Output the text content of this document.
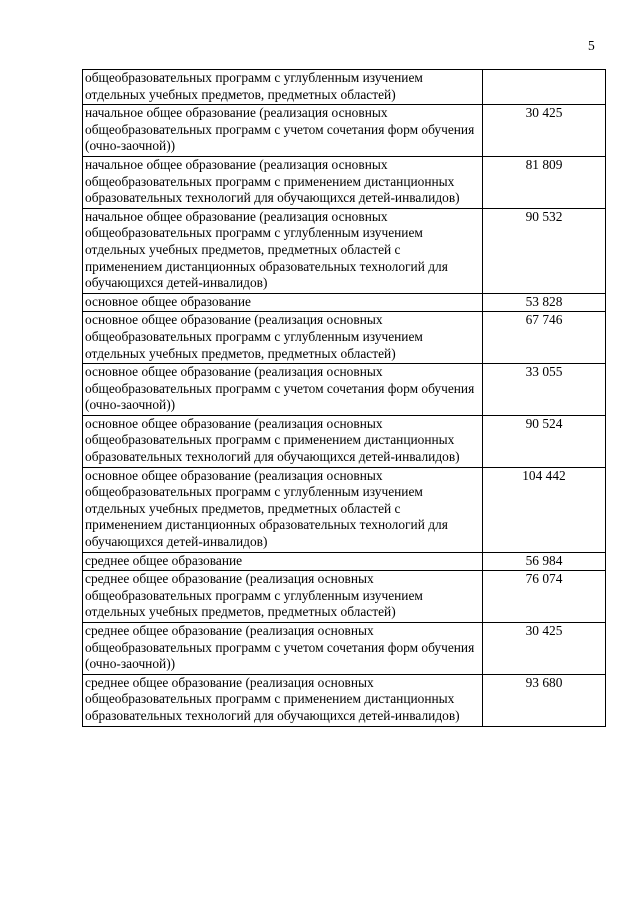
5
общеобразовательных программ с углубленным изучением отдельных учебных предметов, предметных областей)	
начальное общее образование (реализация основных общеобразовательных программ с учетом сочетания форм обучения (очно-заочной))	30 425
начальное общее образование (реализация основных общеобразовательных программ с применением дистанционных образовательных технологий для обучающихся детей-инвалидов)	81 809
начальное общее образование (реализация основных общеобразовательных программ с углубленным изучением отдельных учебных предметов, предметных областей с применением дистанционных образовательных технологий для обучающихся детей-инвалидов)	90 532
основное общее образование	53 828
основное общее образование (реализация основных общеобразовательных программ с углубленным изучением отдельных учебных предметов, предметных областей)	67 746
основное общее образование (реализация основных общеобразовательных программ с учетом сочетания форм обучения (очно-заочной))	33 055
основное общее образование (реализация основных общеобразовательных программ с применением дистанционных образовательных технологий для обучающихся детей-инвалидов)	90 524
основное общее образование (реализация основных общеобразовательных программ с углубленным изучением отдельных учебных предметов, предметных областей с применением дистанционных образовательных технологий для обучающихся детей-инвалидов)	104 442
среднее общее образование	56 984
среднее общее образование (реализация основных общеобразовательных программ с углубленным изучением отдельных учебных предметов, предметных областей)	76 074
среднее общее образование (реализация основных общеобразовательных программ с учетом сочетания форм обучения (очно-заочной))	30 425
среднее общее образование (реализация основных общеобразовательных программ с применением дистанционных образовательных технологий для обучающихся детей-инвалидов)	93 680
